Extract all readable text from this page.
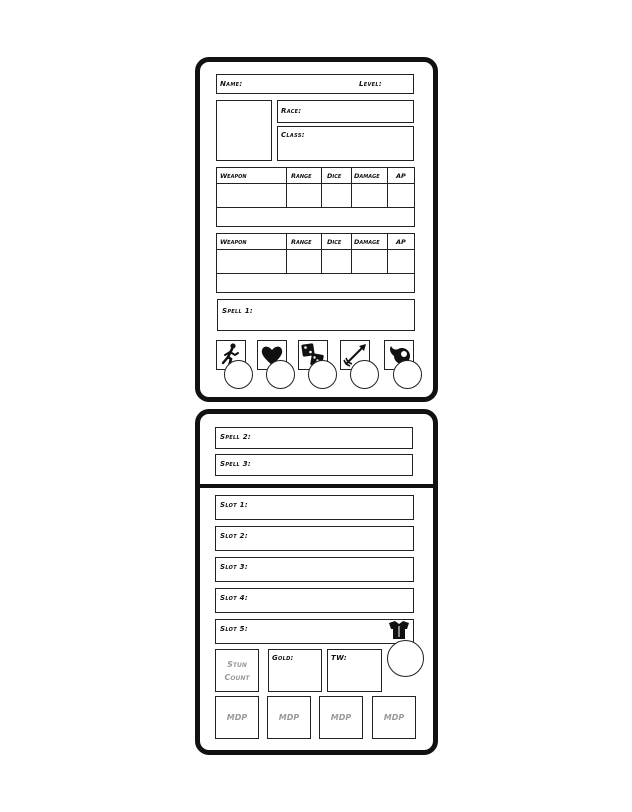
Name:	Level:
Race:
Class:
Weapon	Range Dice Damage	AP
Weapon	Range Dice Damage	AP
Spell 1:
Spell 2:
Spell 3:
Slot 1:
Slot 2:
Slot 3:
Slot 4:
Slot 5:
Stun
Count
Gold:	TW:
MDP	MDP	MDP	MDP
